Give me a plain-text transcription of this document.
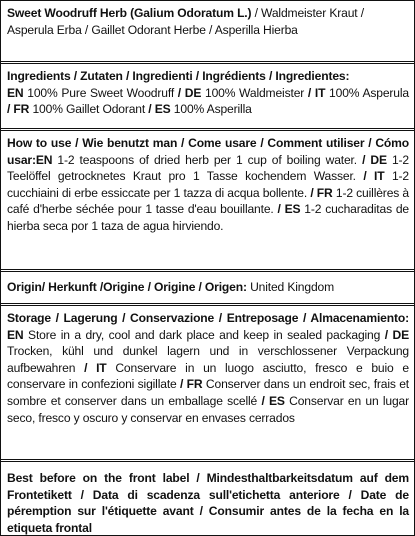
Sweet Woodruff Herb (Galium Odoratum L.) / Waldmeister Kraut / Asperula Erba / Gaillet Odorant Herbe / Asperilla Hierba
Ingredients / Zutaten / Ingredienti / Ingrédients / Ingredientes:
EN 100% Pure Sweet Woodruff / DE 100% Waldmeister / IT 100% Asperula / FR 100% Gaillet Odorant / ES 100% Asperilla
How to use / Wie benutzt man / Come usare / Comment utiliser / Cómo usar:EN 1-2 teaspoons of dried herb per 1 cup of boiling water. / DE 1-2 Teelöffel getrocknetes Kraut pro 1 Tasse kochendem Wasser. / IT 1-2 cucchiaini di erbe essiccate per 1 tazza di acqua bollente. / FR 1-2 cuillères à café d'herbe séchée pour 1 tasse d'eau bouillante. / ES 1-2 cucharaditas de hierba seca por 1 taza de agua hirviendo.
Origin/ Herkunft /Origine / Origine / Origen: United Kingdom
Storage / Lagerung / Conservazione / Entreposage / Almacenamiento:
EN Store in a dry, cool and dark place and keep in sealed packaging / DE Trocken, kühl und dunkel lagern und in verschlossener Verpackung aufbewahren / IT Conservare in un luogo asciutto, fresco e buio e conservare in confezioni sigillate / FR Conserver dans un endroit sec, frais et sombre et conserver dans un emballage scellé / ES Conservar en un lugar seco, fresco y oscuro y conservar en envases cerrados
Best before on the front label / Mindesthaltbarkeitsdatum auf dem Frontetikett / Data di scadenza sull'etichetta anteriore / Date de péremption sur l'étiquette avant / Consumir antes de la fecha en la etiqueta frontal
